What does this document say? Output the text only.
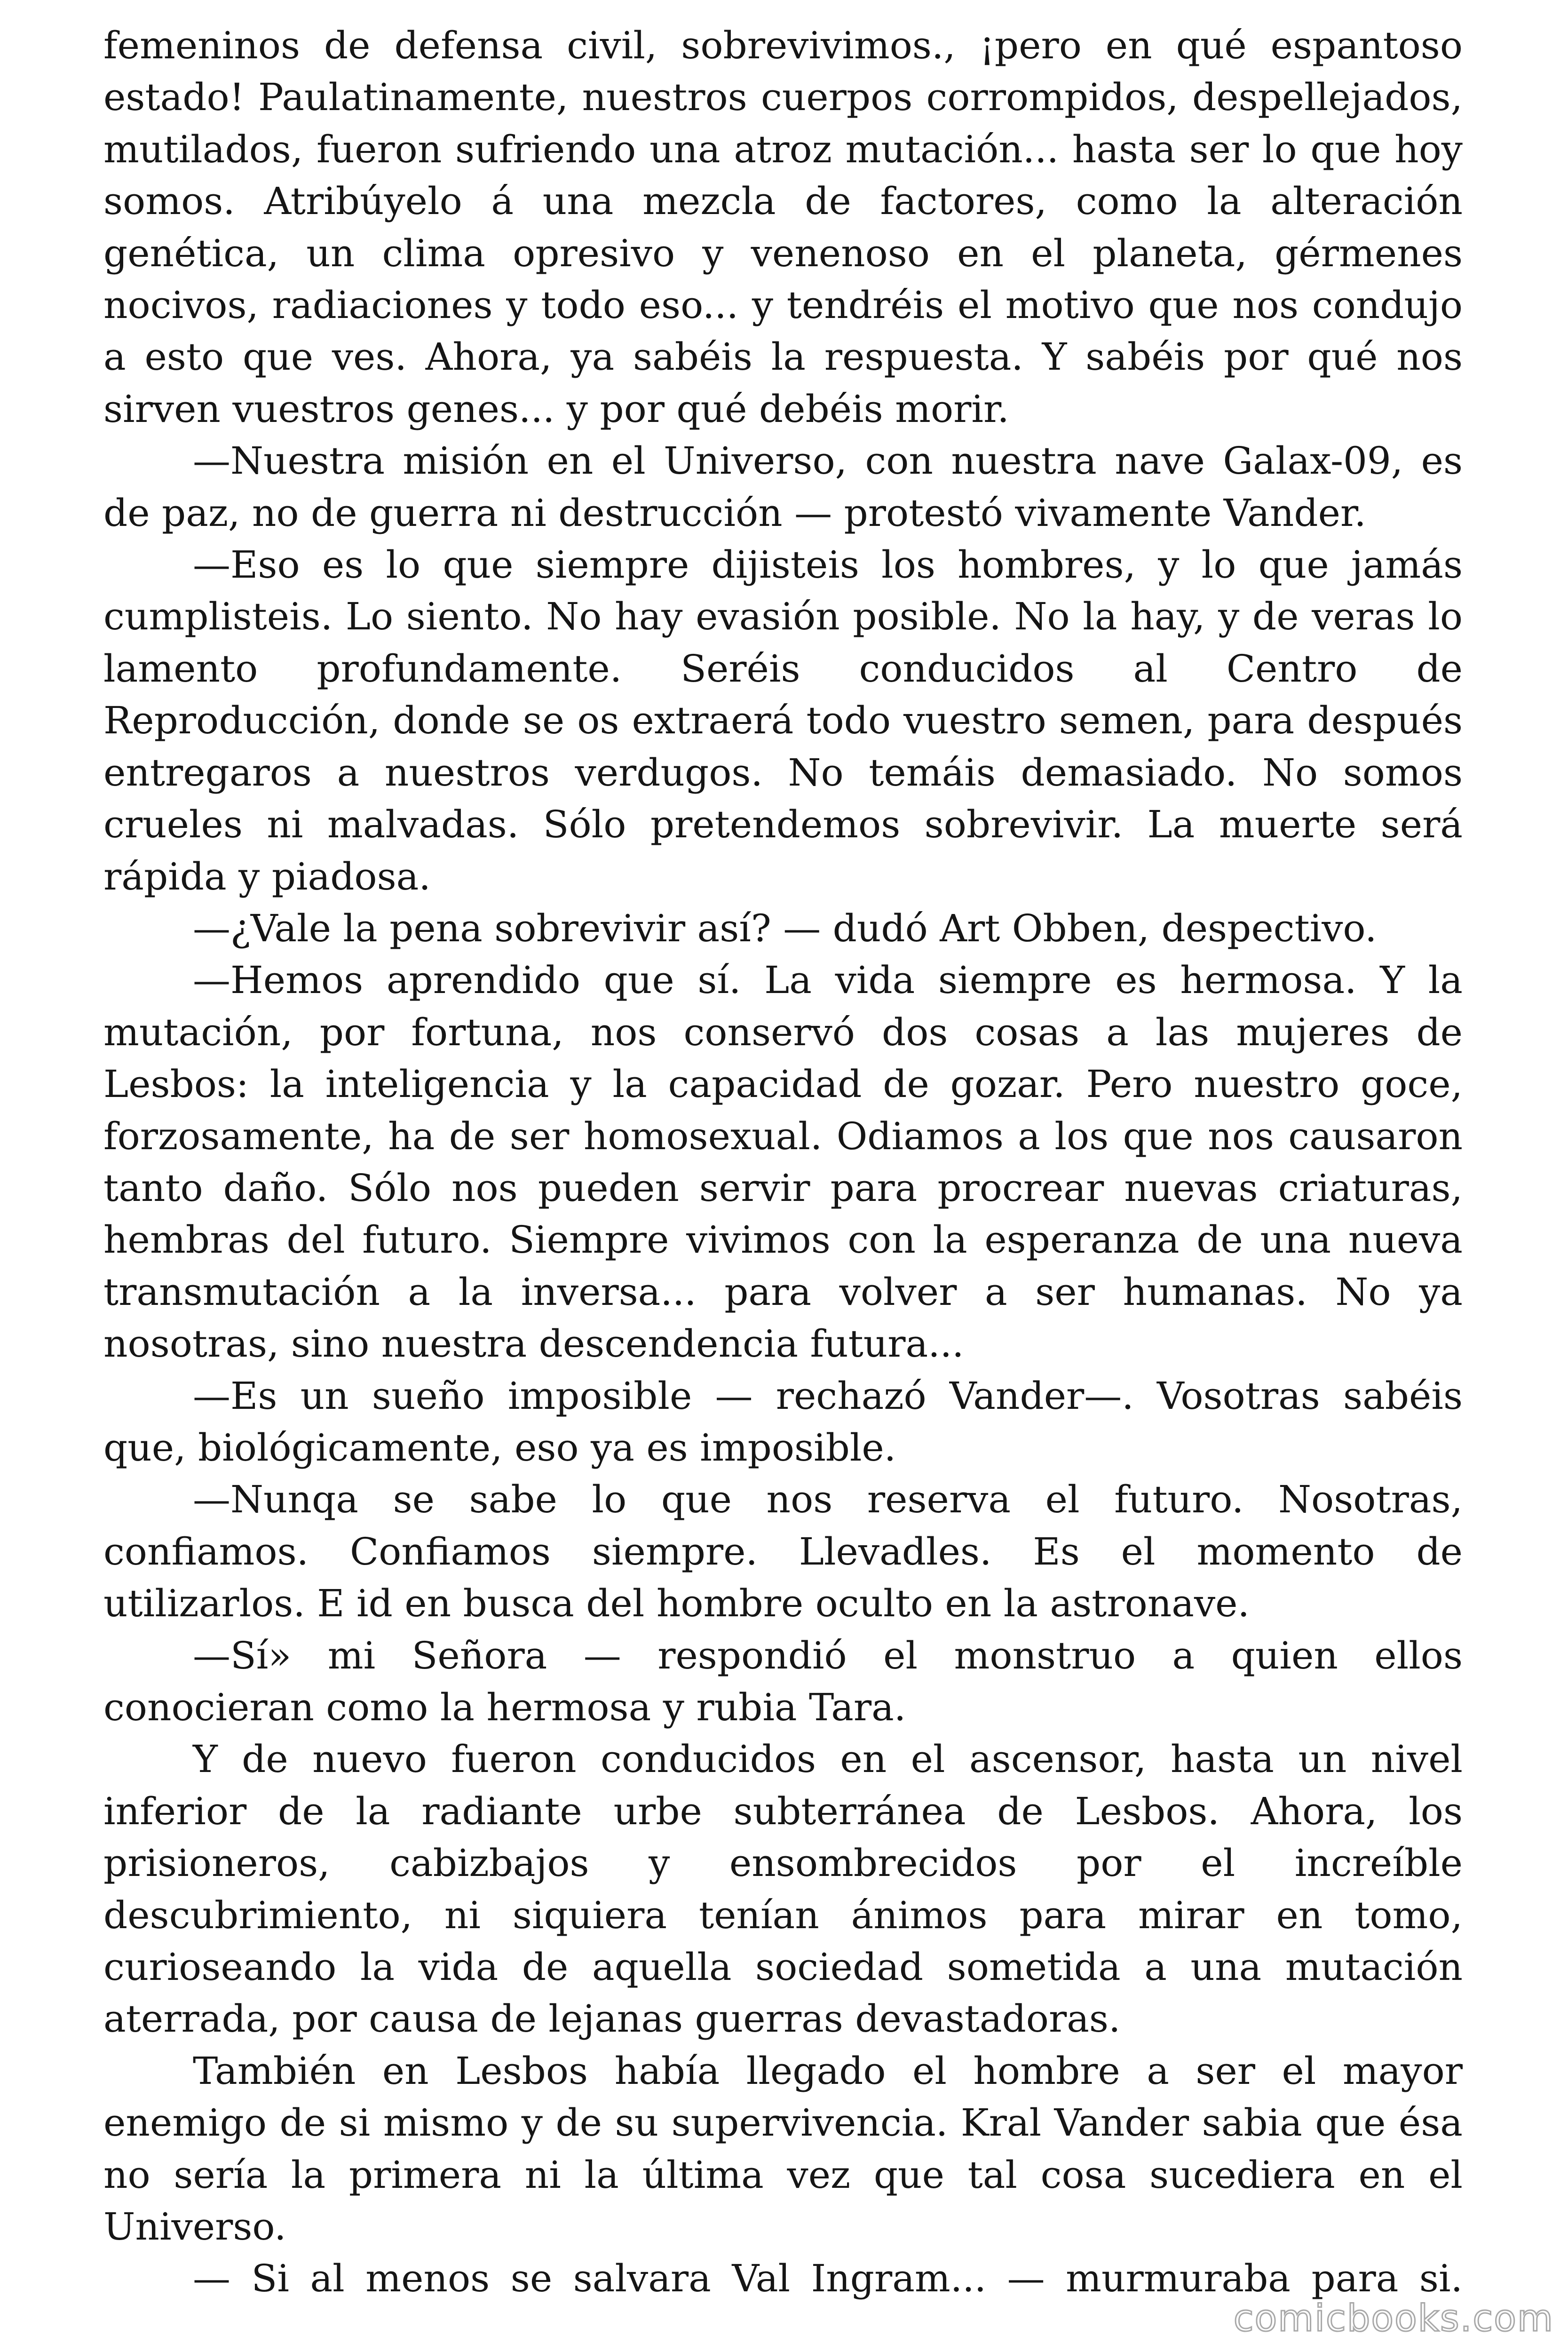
femeninos de defensa civil, sobrevivimos., ¡pero en qué espantoso estado! Paulatinamente, nuestros cuerpos corrompidos, despellejados, mutilados, fueron sufriendo una atroz mutación... hasta ser lo que hoy somos. Atribúyelo á una mezcla de factores, como la alteración genética, un clima opresivo y venenoso en el planeta, gérmenes nocivos, radiaciones y todo eso... y tendréis el motivo que nos condujo a esto que ves. Ahora, ya sabéis la respuesta. Y sabéis por qué nos sirven vuestros genes... y por qué debéis morir.

—Nuestra misión en el Universo, con nuestra nave Galax-09, es de paz, no de guerra ni destrucción — protestó vivamente Vander.

—Eso es lo que siempre dijisteis los hombres, y lo que jamás cumplisteis. Lo siento. No hay evasión posible. No la hay, y de veras lo lamento profundamente. Seréis conducidos al Centro de Reproducción, donde se os extraerá todo vuestro semen, para después entregaros a nuestros verdugos. No temáis demasiado. No somos crueles ni malvadas. Sólo pretendemos sobrevivir. La muerte será rápida y piadosa.

—¿Vale la pena sobrevivir así? — dudó Art Obben, despectivo.

—Hemos aprendido que sí. La vida siempre es hermosa. Y la mutación, por fortuna, nos conservó dos cosas a las mujeres de Lesbos: la inteligencia y la capacidad de gozar. Pero nuestro goce, forzosamente, ha de ser homosexual. Odiamos a los que nos causaron tanto daño. Sólo nos pueden servir para procrear nuevas criaturas, hembras del futuro. Siempre vivimos con la esperanza de una nueva transmutación a la inversa... para volver a ser humanas. No ya nosotras, sino nuestra descendencia futura...

—Es un sueño imposible — rechazó Vander—. Vosotras sabéis que, biológicamente, eso ya es imposible.

—Nunqa se sabe lo que nos reserva el futuro. Nosotras, confiamos. Confiamos siempre. Llevadles. Es el momento de utilizarlos. E id en busca del hombre oculto en la astronave.

—Sí» mi Señora — respondió el monstruo a quien ellos conocieran como la hermosa y rubia Tara.

Y de nuevo fueron conducidos en el ascensor, hasta un nivel inferior de la radiante urbe subterránea de Lesbos. Ahora, los prisioneros, cabizbajos y ensombrecidos por el increíble descubrimiento, ni siquiera tenían ánimos para mirar en tomo, curioseando la vida de aquella sociedad sometida a una mutación aterrada, por causa de lejanas guerras devastadoras.

También en Lesbos había llegado el hombre a ser el mayor enemigo de si mismo y de su supervivencia. Kral Vander sabia que ésa no sería la primera ni la última vez que tal cosa sucediera en el Universo.

— Si al menos se salvara Val Ingram... — murmuraba para si.

comicbooks.com
